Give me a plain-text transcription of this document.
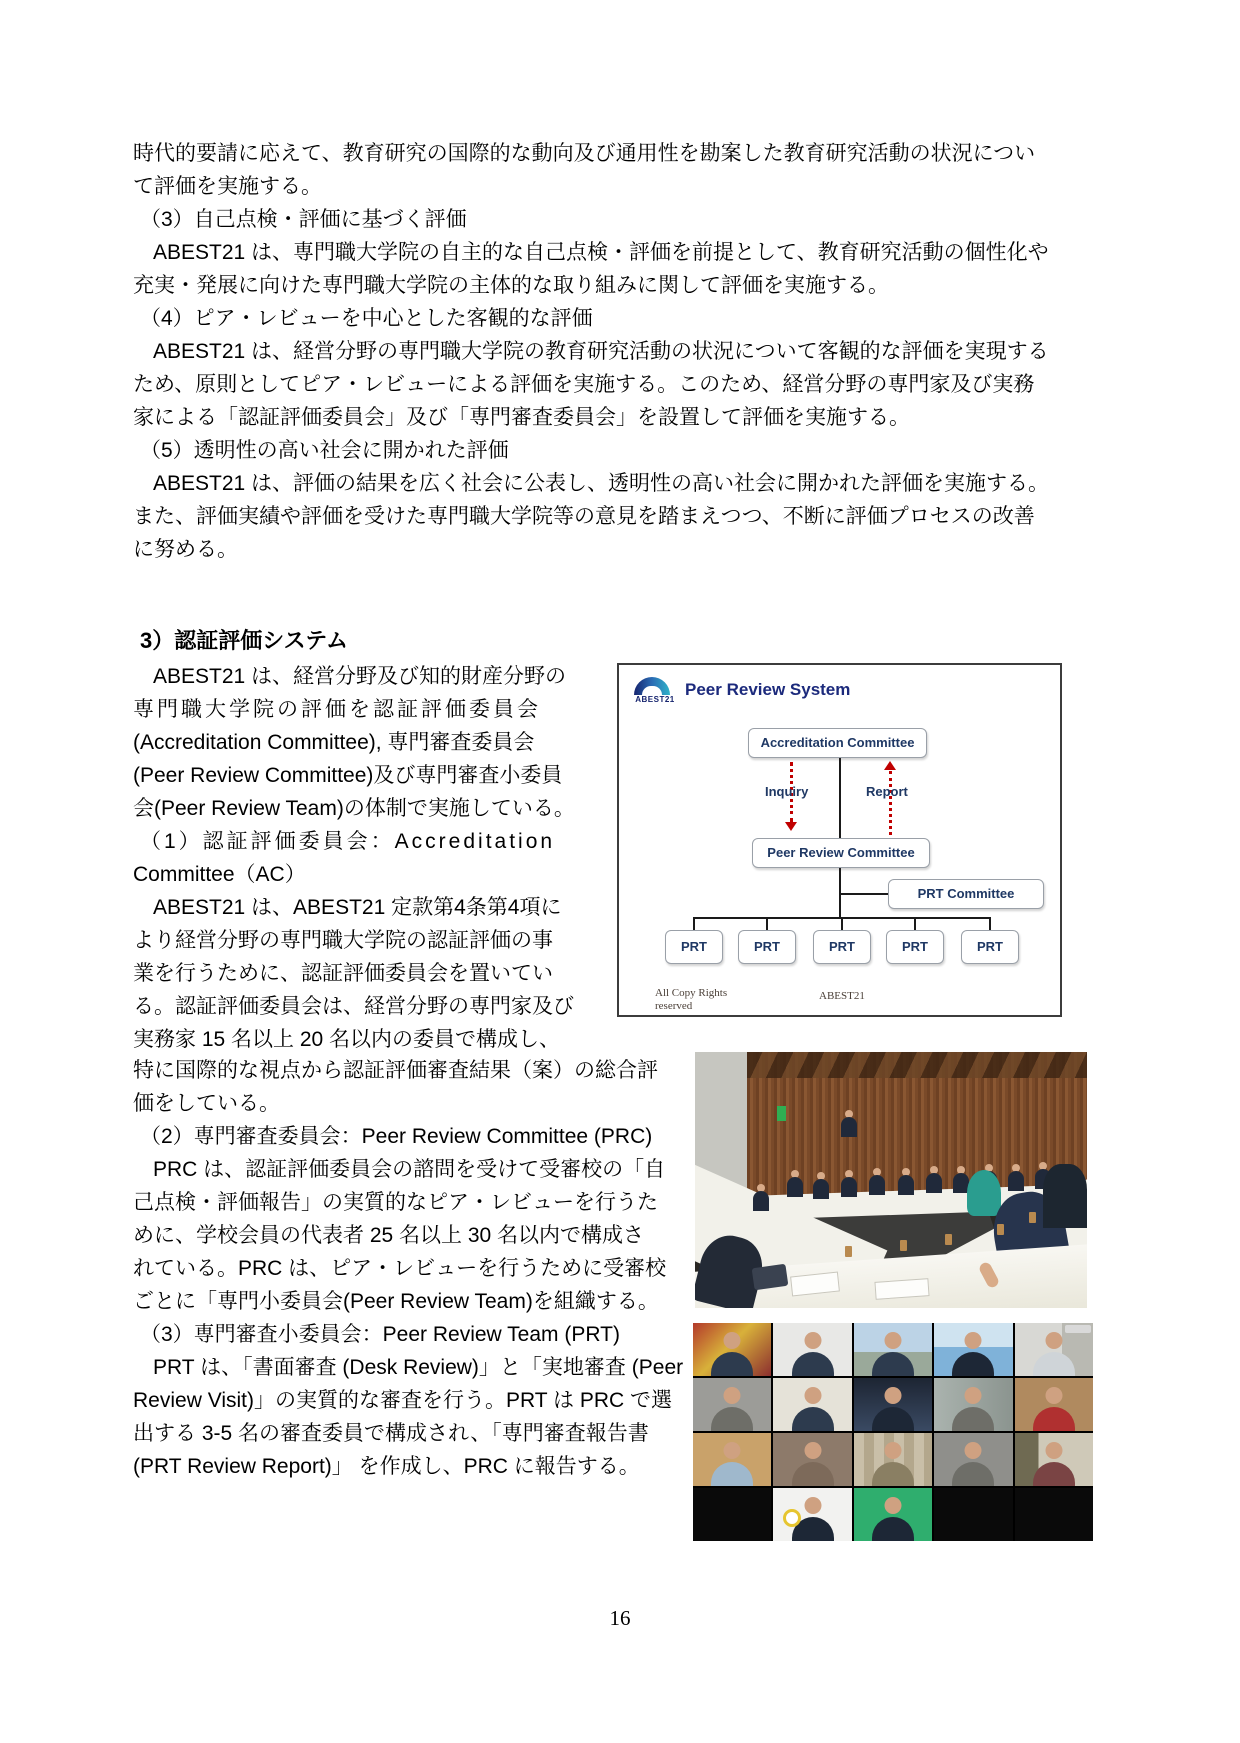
時代的要請に応えて、教育研究の国際的な動向及び通用性を勘案した教育研究活動の状況につい
て評価を実施する。
（3）自己点検・評価に基づく評価
ABEST21 は、専門職大学院の自主的な自己点検・評価を前提として、教育研究活動の個性化や
充実・発展に向けた専門職大学院の主体的な取り組みに関して評価を実施する。
（4）ピア・レビューを中心とした客観的な評価
ABEST21 は、経営分野の専門職大学院の教育研究活動の状況について客観的な評価を実現する
ため、原則としてピア・レビューによる評価を実施する。このため、経営分野の専門家及び実務
家による「認証評価委員会」及び「専門審査委員会」を設置して評価を実施する。
（5）透明性の高い社会に開かれた評価
ABEST21 は、評価の結果を広く社会に公表し、透明性の高い社会に開かれた評価を実施する。
また、評価実績や評価を受けた専門職大学院等の意見を踏まえつつ、不断に評価プロセスの改善
に努める。
3）認証評価システム
ABEST21 は、経営分野及び知的財産分野の
専門職大学院の評価を認証評価委員会
(Accreditation Committee), 専門審査委員会
(Peer Review Committee)及び専門審査小委員
会(Peer Review Team)の体制で実施している。
（1）認証評価委員会：Accreditation
Committee（AC）
ABEST21 は、ABEST21 定款第4条第4項に
より経営分野の専門職大学院の認証評価の事
業を行うために、認証評価委員会を置いてい
る。認証評価委員会は、経営分野の専門家及び
実務家 15 名以上 20 名以内の委員で構成し、
特に国際的な視点から認証評価審査結果（案）の総合評
価をしている。
（2）専門審査委員会：Peer Review Committee (PRC)
PRC は、認証評価委員会の諮問を受けて受審校の「自
己点検・評価報告」の実質的なピア・レビューを行うた
めに、学校会員の代表者 25 名以上 30 名以内で構成さ
れている。PRC は、ピア・レビューを行うために受審校
ごとに「専門小委員会(Peer Review Team)を組織する。
（3）専門審査小委員会：Peer Review Team (PRT)
PRT は、「書面審査 (Desk Review)」と「実地審査 (Peer
Review Visit)」の実質的な審査を行う。PRT は PRC で選
出する 3-5 名の審査委員で構成され、「専門審査報告書
(PRT Review Report)」 を作成し、PRC に報告する。
ABEST21
Peer Review System
Accreditation Committee
Peer Review Committee
PRT Committee
Inquiry	Report
PRT	PRT	PRT	PRT	PRT
All Copy Rights
reserved
ABEST21
16
